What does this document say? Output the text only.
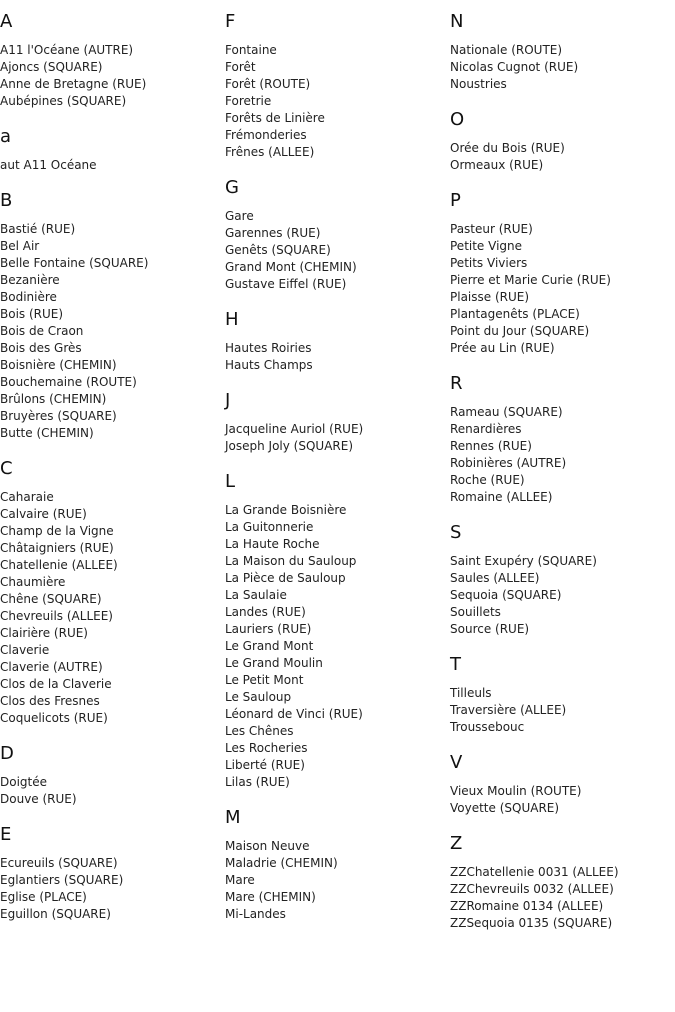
A
A11 l'Océane (AUTRE)
Ajoncs (SQUARE)
Anne de Bretagne (RUE)
Aubépines (SQUARE)
a
aut A11 Océane
B
Bastié (RUE)
Bel Air
Belle Fontaine (SQUARE)
Bezanière
Bodinière
Bois (RUE)
Bois de Craon
Bois des Grès
Boisnière (CHEMIN)
Bouchemaine (ROUTE)
Brûlons (CHEMIN)
Bruyères (SQUARE)
Butte (CHEMIN)
C
Caharaie
Calvaire (RUE)
Champ de la Vigne
Châtaigniers (RUE)
Chatellenie (ALLEE)
Chaumière
Chêne (SQUARE)
Chevreuils (ALLEE)
Clairière (RUE)
Claverie
Claverie (AUTRE)
Clos de la Claverie
Clos des Fresnes
Coquelicots (RUE)
D
Doigtée
Douve (RUE)
E
Ecureuils (SQUARE)
Eglantiers (SQUARE)
Eglise (PLACE)
Eguillon (SQUARE)
F
Fontaine
Forêt
Forêt (ROUTE)
Foretrie
Forêts de Linière
Frémonderies
Frênes (ALLEE)
G
Gare
Garennes (RUE)
Genêts (SQUARE)
Grand Mont (CHEMIN)
Gustave Eiffel (RUE)
H
Hautes Roiries
Hauts Champs
J
Jacqueline Auriol (RUE)
Joseph Joly (SQUARE)
L
La Grande Boisnière
La Guitonnerie
La Haute Roche
La Maison du Sauloup
La Pièce de Sauloup
La Saulaie
Landes (RUE)
Lauriers (RUE)
Le Grand Mont
Le Grand Moulin
Le Petit Mont
Le Sauloup
Léonard de Vinci (RUE)
Les Chênes
Les Rocheries
Liberté (RUE)
Lilas (RUE)
M
Maison Neuve
Maladrie (CHEMIN)
Mare
Mare (CHEMIN)
Mi-Landes
N
Nationale (ROUTE)
Nicolas Cugnot (RUE)
Noustries
O
Orée du Bois (RUE)
Ormeaux (RUE)
P
Pasteur (RUE)
Petite Vigne
Petits Viviers
Pierre et Marie Curie (RUE)
Plaisse (RUE)
Plantagenêts (PLACE)
Point du Jour (SQUARE)
Prée au Lin (RUE)
R
Rameau (SQUARE)
Renardières
Rennes (RUE)
Robinières (AUTRE)
Roche (RUE)
Romaine (ALLEE)
S
Saint Exupéry (SQUARE)
Saules (ALLEE)
Sequoia (SQUARE)
Souillets
Source (RUE)
T
Tilleuls
Traversière (ALLEE)
Troussebouc
V
Vieux Moulin (ROUTE)
Voyette (SQUARE)
Z
ZZChatellenie 0031 (ALLEE)
ZZChevreuils 0032 (ALLEE)
ZZRomaine 0134 (ALLEE)
ZZSequoia 0135 (SQUARE)
